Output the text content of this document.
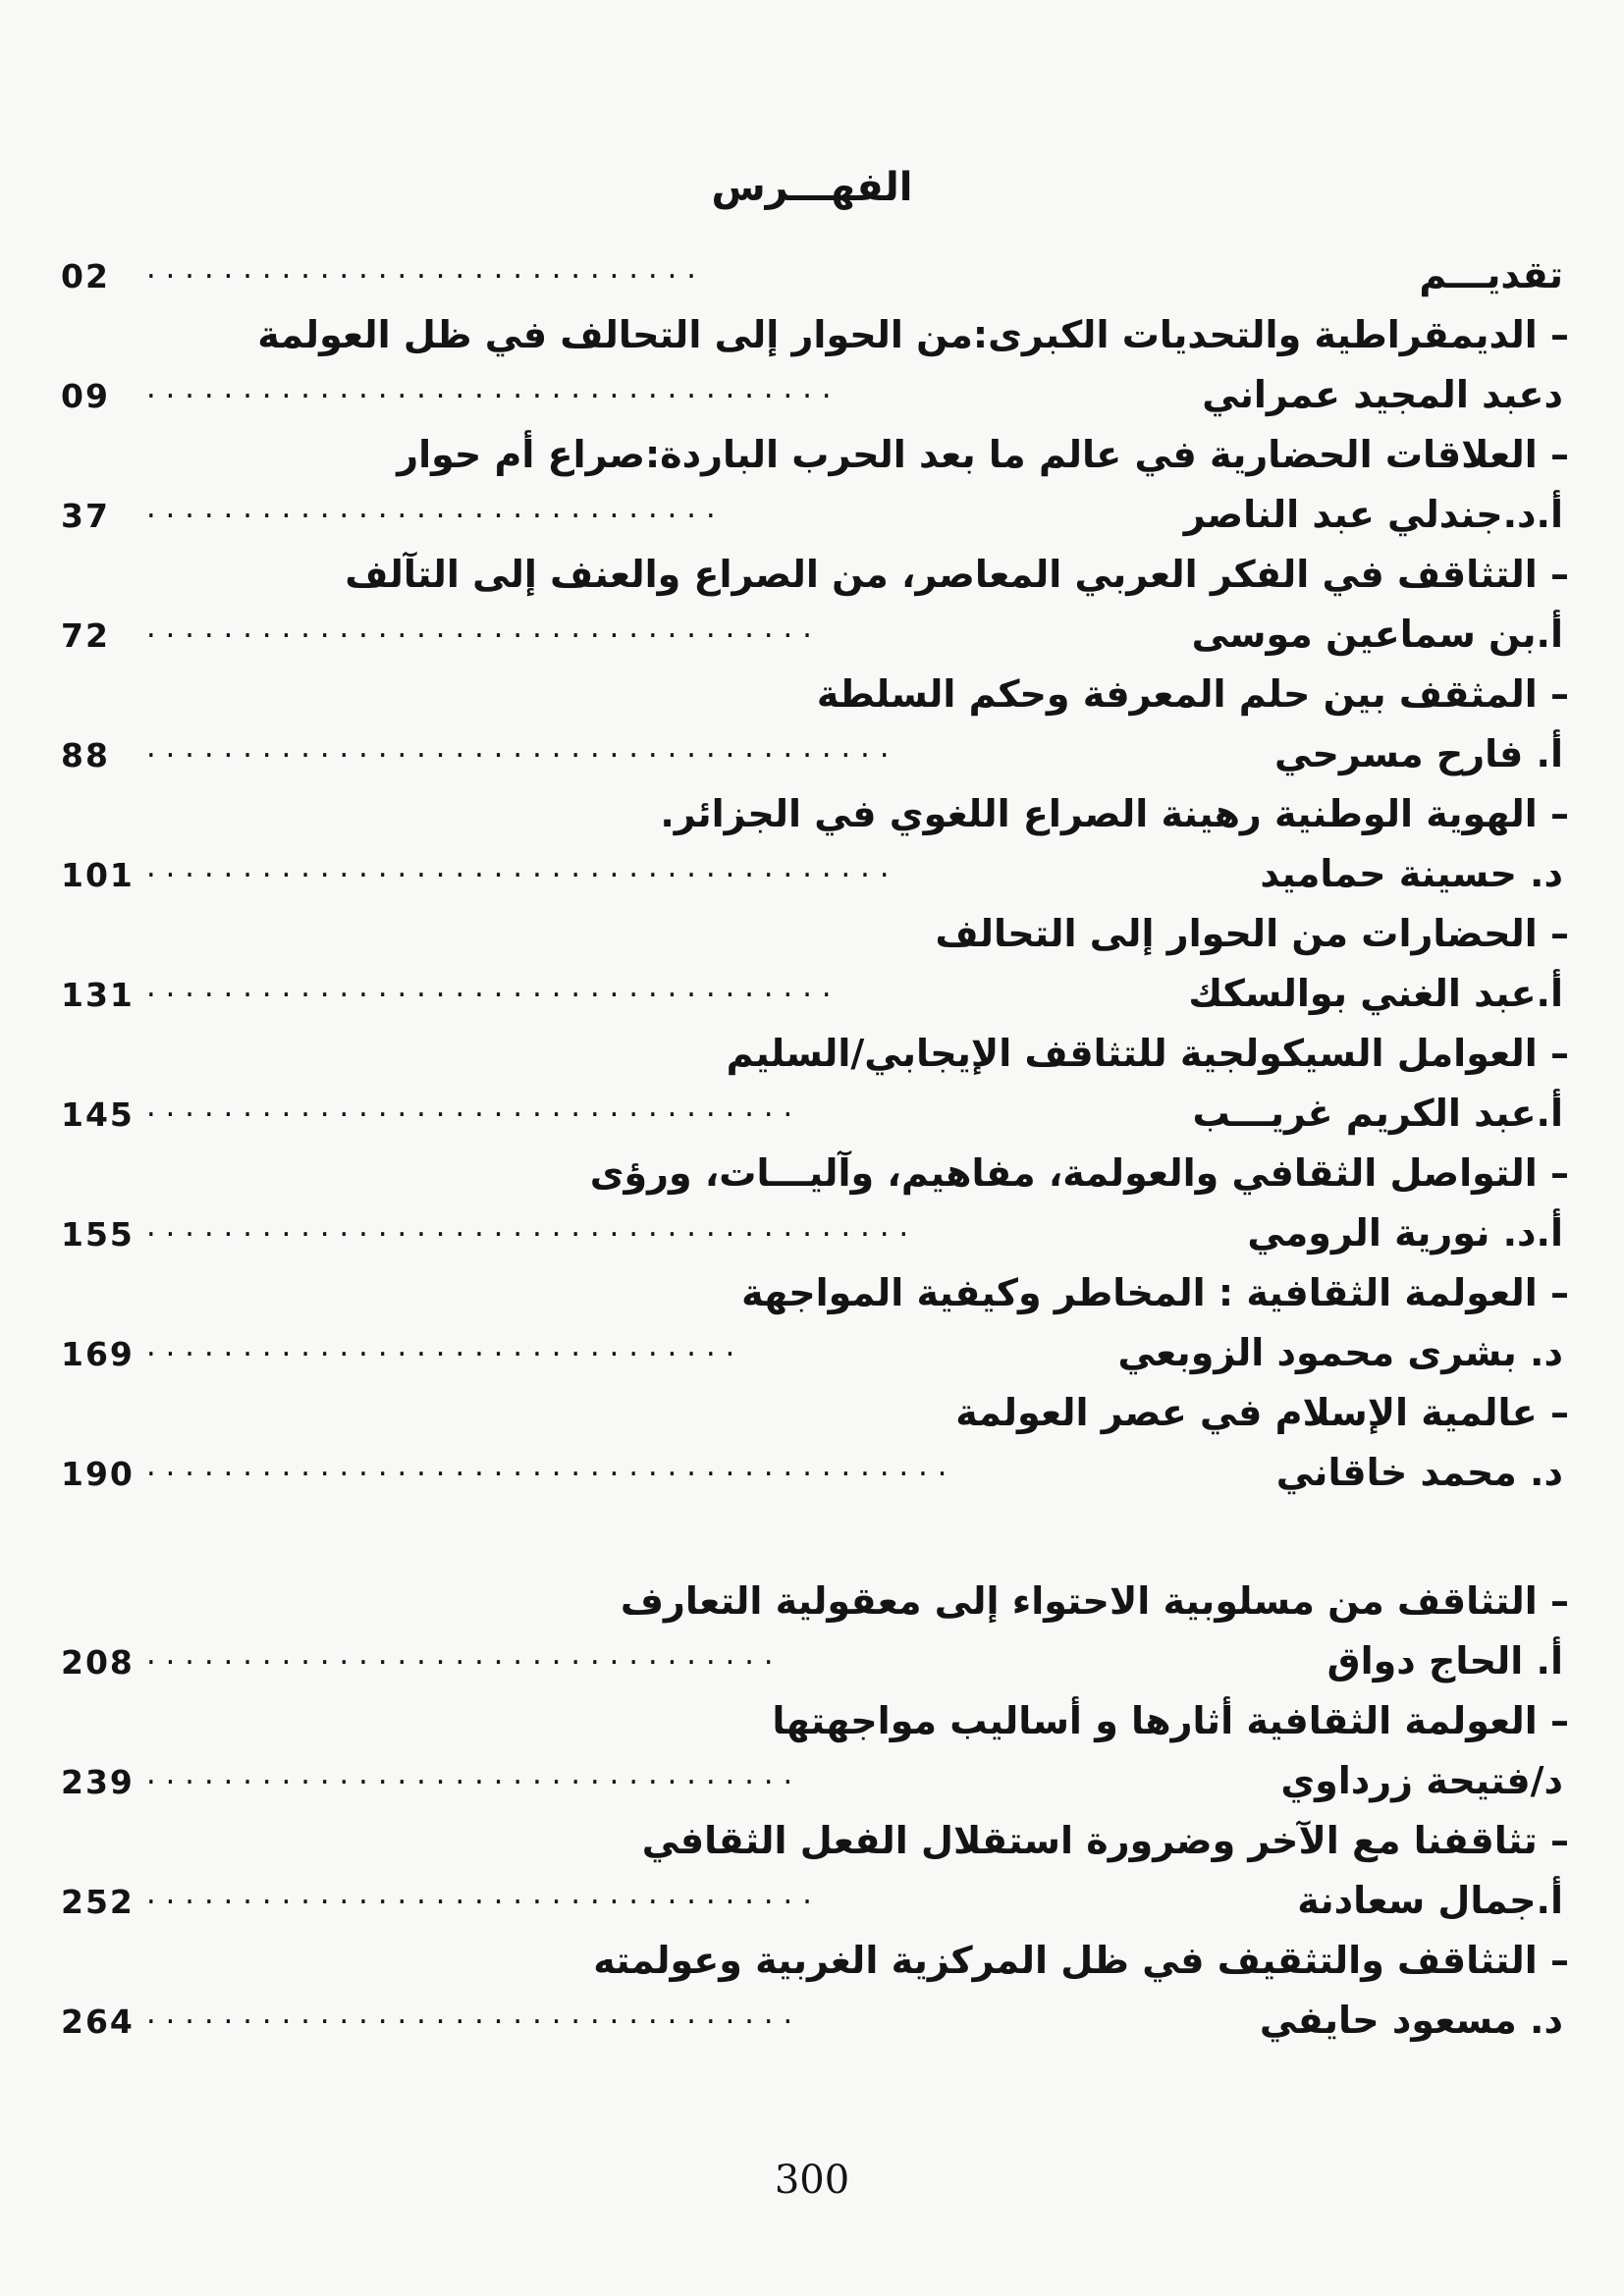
الفهـــرس
تقديـــم
.............................
02
– الديمقراطية والتحديات الكبرى:من الحوار إلى التحالف في ظل العولمة
دعبد المجيد عمراني
....................................
09
– العلاقات الحضارية في عالم ما بعد الحرب الباردة:صراع أم حوار
أ.د.جندلي عبد الناصر
..............................
37
– التثاقف في الفكر العربي المعاصر، من الصراع والعنف إلى التآلف
أ.بن سماعين موسى
...................................
72
– المثقف بين حلم المعرفة وحكم السلطة
أ. فارح مسرحي
.......................................
88
– الهوية الوطنية رهينة الصراع اللغوي في الجزائر.
د. حسينة حماميد
.......................................
101
– الحضارات من الحوار إلى التحالف
أ.عبد الغني بوالسكك
....................................
131
– العوامل السيكولجية للتثاقف الإيجابي/السليم
أ.عبد الكريم غريـــب
..................................
145
– التواصل الثقافي والعولمة، مفاهيم، وآليـــات، ورؤى
أ.د. نورية الرومي
........................................
155
– العولمة الثقافية : المخاطر وكيفية المواجهة
د. بشرى محمود الزوبعي
...............................
169
– عالمية الإسلام في عصر العولمة
د. محمد خاقاني
..........................................
190
– التثاقف من مسلوبية الاحتواء إلى معقولية التعارف
أ. الحاج دواق
.................................
208
– العولمة الثقافية أثارها و أساليب مواجهتها
د/فتيحة زرداوي
..................................
239
– تثاقفنا مع الآخر وضرورة استقلال الفعل الثقافي
أ.جمال سعادنة
...................................
252
– التثاقف والتثقيف في ظل المركزية الغربية وعولمته
د. مسعود حايفي
..................................
264
300
